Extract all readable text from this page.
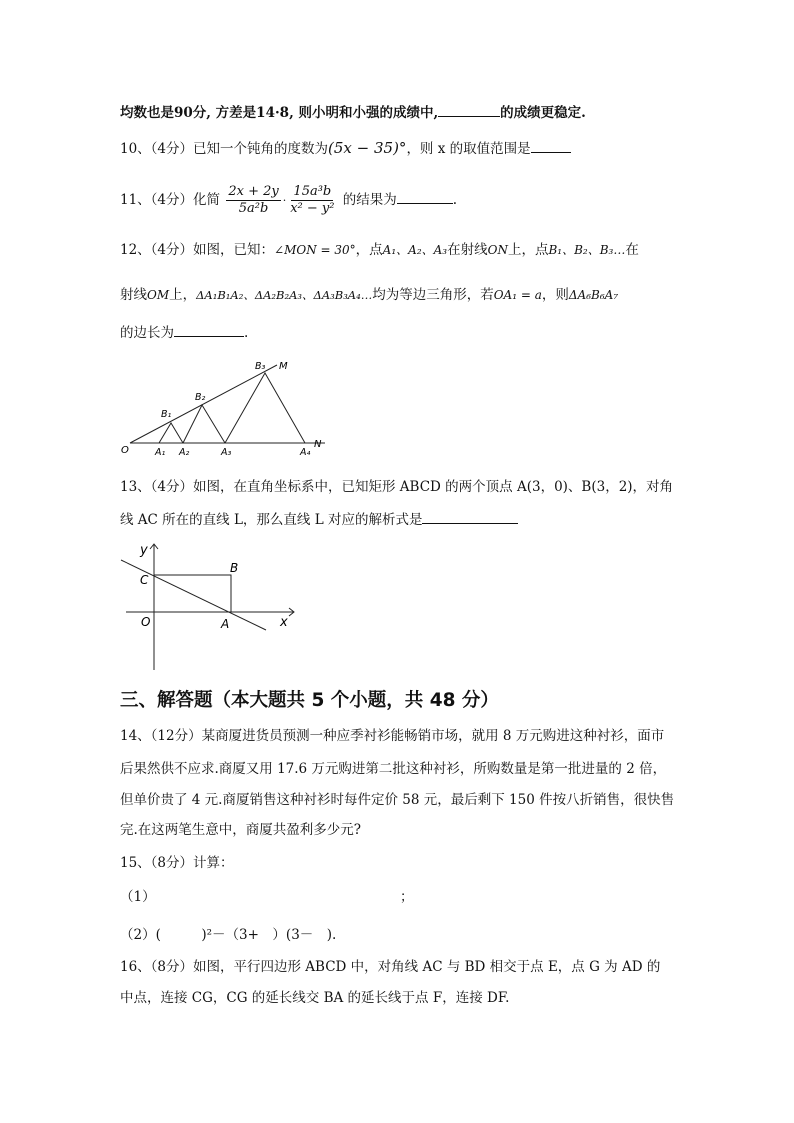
均数也是90分, 方差是14·8, 则小明和小强的成绩中,	的成绩更稳定.
10、（4分）已知一个钝角的度数为(5x − 35)°，则 x 的取值范围是
11、（4分）化简 $\frac{2x + 2y}{\text{5a²b}} \cdot \frac{\text{15a³b}}{\text{x² − y²}}$ 的结果为	.
12、（4分）如图，已知：∠MON = 30°，点A₁、A₂、A₃在射线ON上，点B₁、B₂、B₃…在
射线OM上，ΔA₁B₁A₂、ΔA₂B₂A₃、ΔA₃B₃A₄…均为等边三角形，若OA₁ = a，则ΔA₆B₆A₇
的边长为	.
O
M
N
A₁ A₂	A₃	A₄
B₁
B₂
B₃
13、（4分）如图，在直角坐标系中，已知矩形 ABCD 的两个顶点 A(3，0)、B(3，2)，对角
线 AC 所在的直线 L，那么直线 L 对应的解析式是
y
x
O	A
B
C
三、解答题（本大题共 5 个小题，共 48 分）
14、（12分）某商厦进货员预测一种应季衬衫能畅销市场，就用 8 万元购进这种衬衫，面市
后果然供不应求.商厦又用 17.6 万元购进第二批这种衬衫，所购数量是第一批进量的 2 倍，
但单价贵了 4 元.商厦销售这种衬衫时每件定价 58 元，最后剩下 150 件按八折销售，很快售
完.在这两笔生意中，商厦共盈利多少元?
15、（8分）计算：
（1）	；
（2）(　　　)²－（3+　）(3－　).
16、（8分）如图，平行四边形 ABCD 中，对角线 AC 与 BD 相交于点 E，点 G 为 AD 的
中点，连接 CG，CG 的延长线交 BA 的延长线于点 F，连接 DF.
